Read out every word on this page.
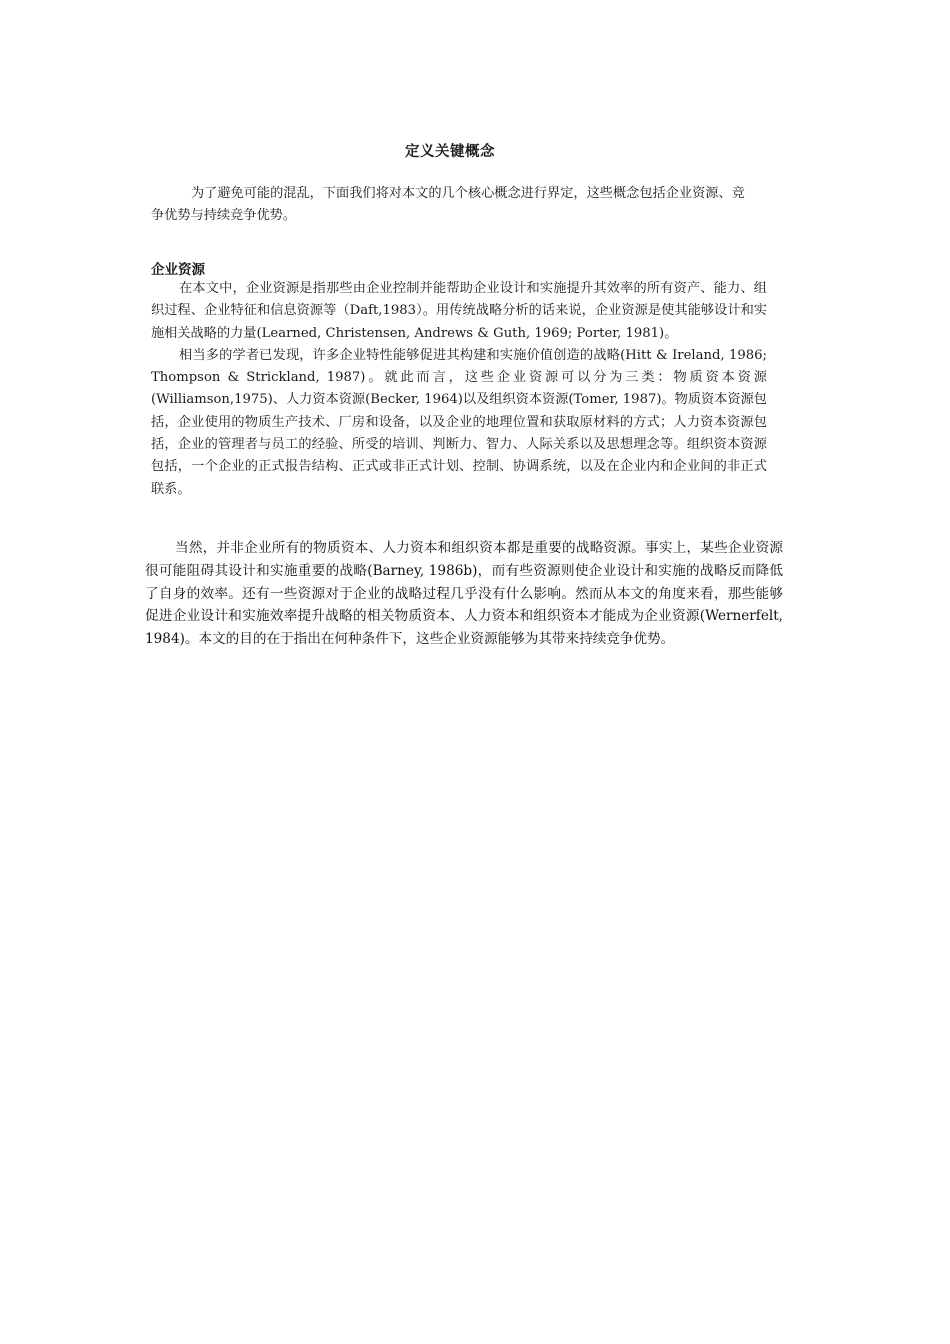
定义关键概念
为了避免可能的混乱，下面我们将对本文的几个核心概念进行界定，这些概念包括企业资源、竞争优势与持续竞争优势。
企业资源

在本文中，企业资源是指那些由企业控制并能帮助企业设计和实施提升其效率的所有资产、能力、组织过程、企业特征和信息资源等（Daft,1983）。用传统战略分析的话来说，企业资源是使其能够设计和实施相关战略的力量(Learned, Christensen, Andrews & Guth, 1969; Porter, 1981)。

相当多的学者已发现，许多企业特性能够促进其构建和实施价值创造的战略(Hitt & Ireland, 1986; Thompson & Strickland, 1987)。就此而言，这些企业资源可以分为三类：物质资本资源(Williamson,1975)、人力资本资源(Becker, 1964)以及组织资本资源(Tomer, 1987)。物质资本资源包括，企业使用的物质生产技术、厂房和设备，以及企业的地理位置和获取原材料的方式；人力资本资源包括，企业的管理者与员工的经验、所受的培训、判断力、智力、人际关系以及思想理念等。组织资本资源包括，一个企业的正式报告结构、正式或非正式计划、控制、协调系统，以及在企业内和企业间的非正式联系。

当然，并非企业所有的物质资本、人力资本和组织资本都是重要的战略资源。事实上，某些企业资源很可能阻碍其设计和实施重要的战略(Barney, 1986b)，而有些资源则使企业设计和实施的战略反而降低了自身的效率。还有一些资源对于企业的战略过程几乎没有什么影响。然而从本文的角度来看，那些能够促进企业设计和实施效率提升战略的相关物质资本、人力资本和组织资本才能成为企业资源(Wernerfelt, 1984)。本文的目的在于指出在何种条件下，这些企业资源能够为其带来持续竞争优势。
